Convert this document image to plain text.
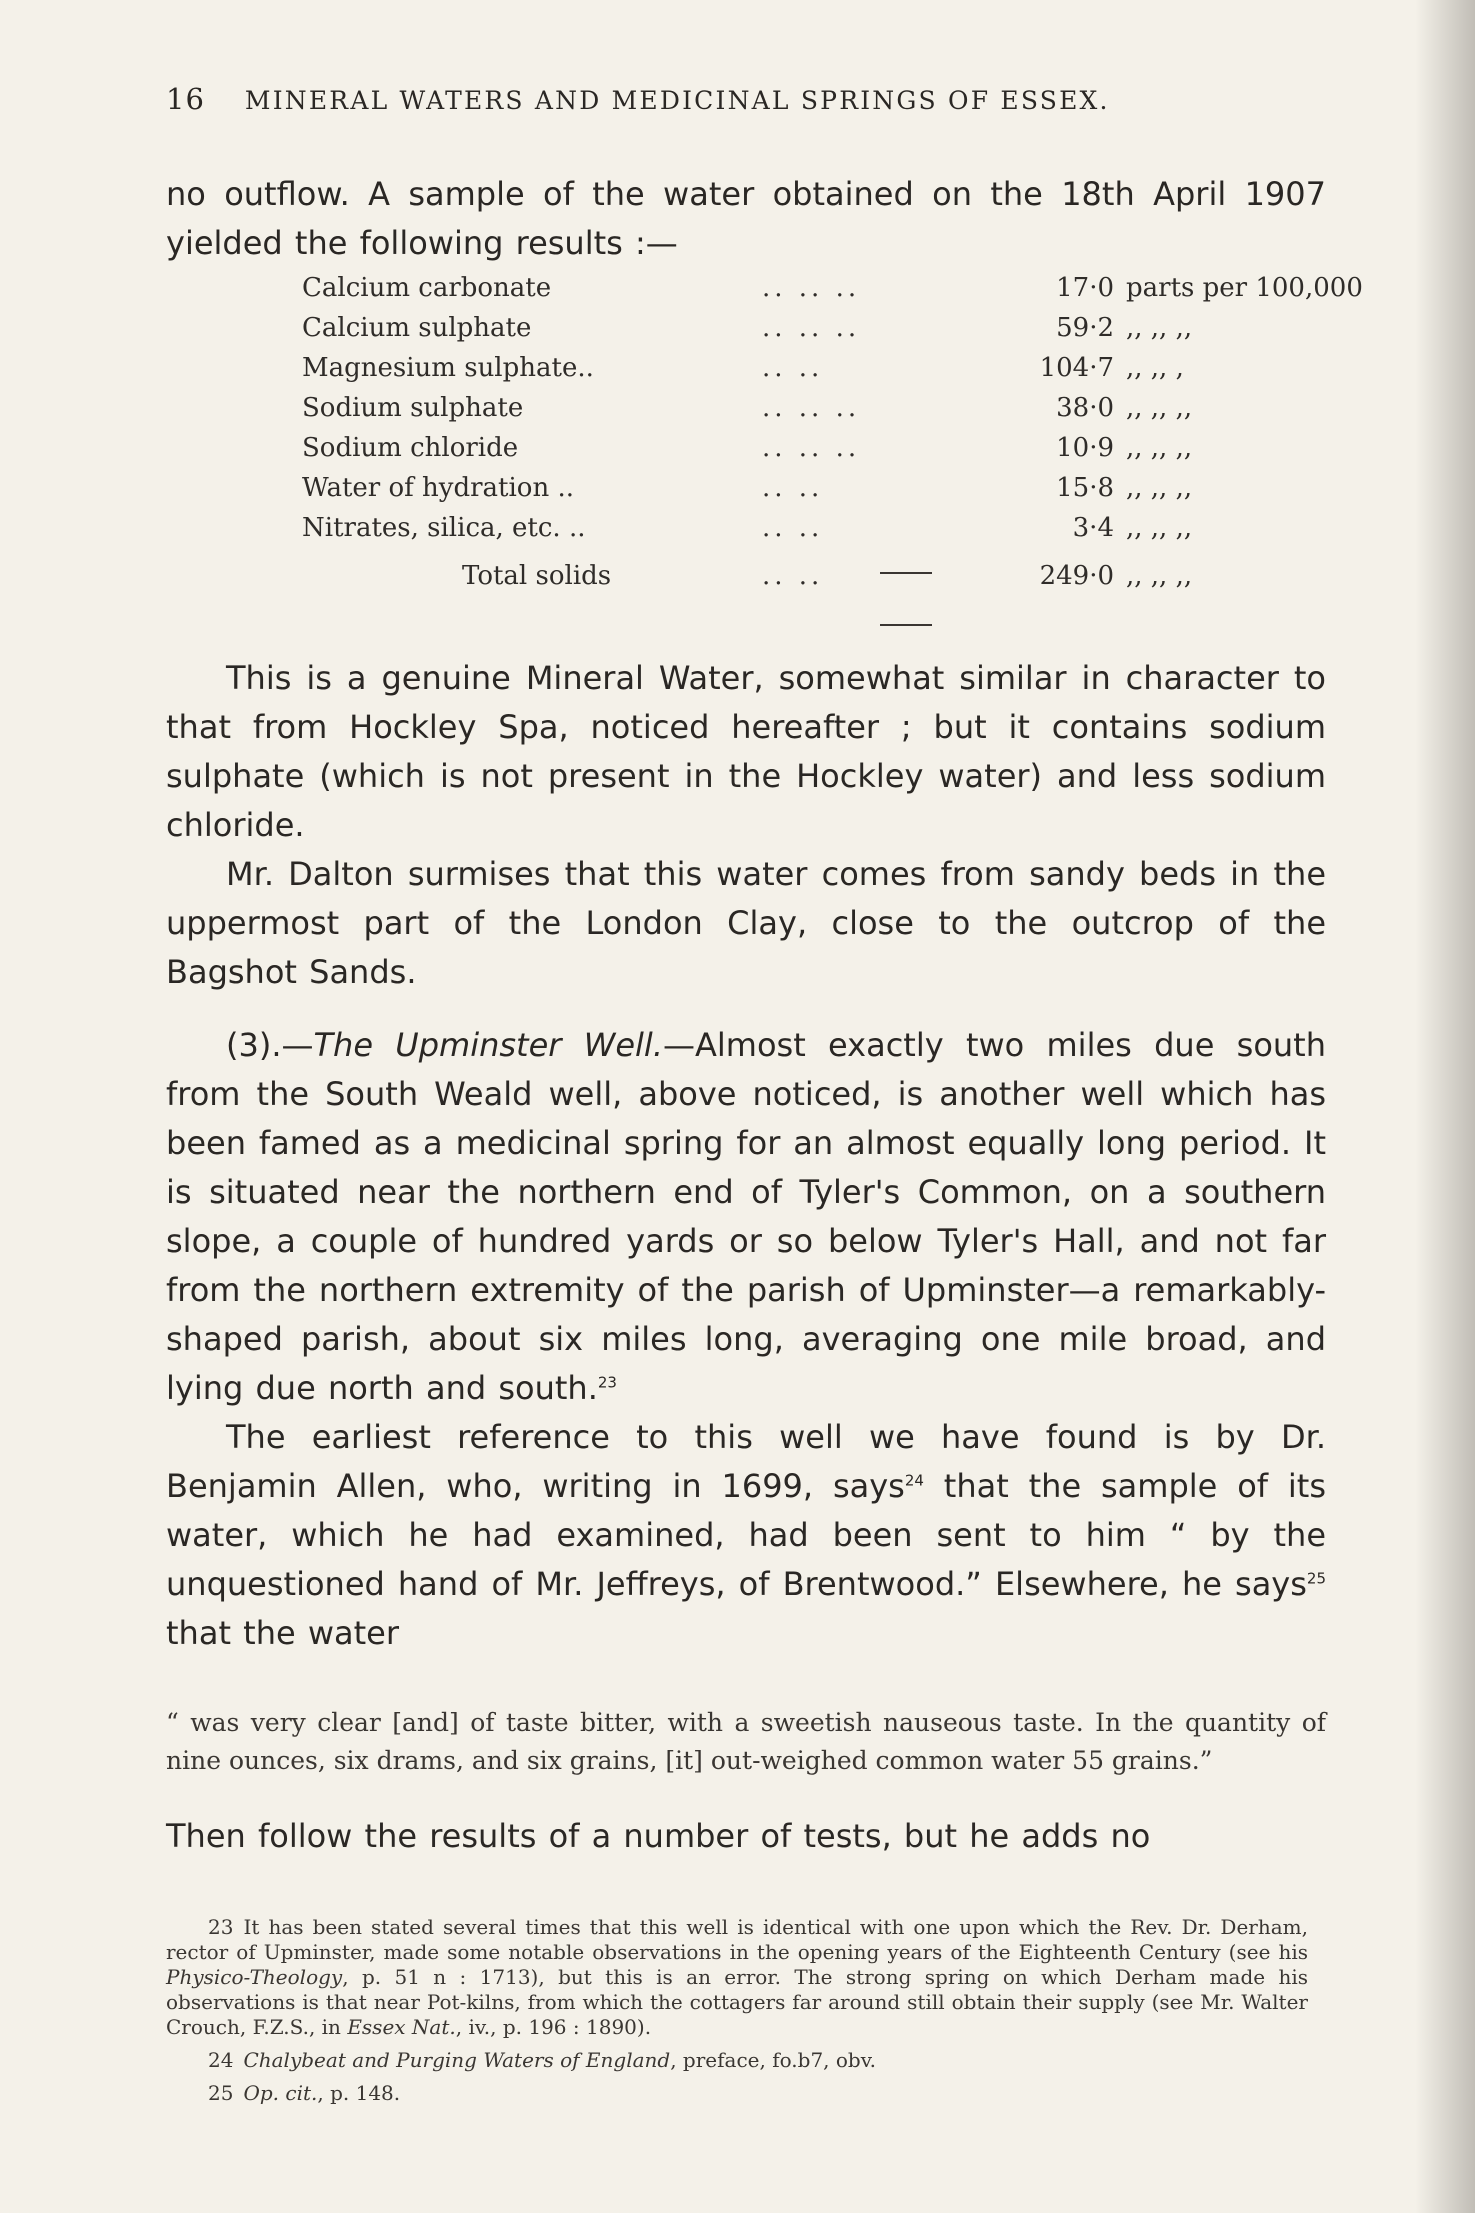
16 MINERAL WATERS AND MEDICINAL SPRINGS OF ESSEX.

no outflow. A sample of the water obtained on the 18th April 1907 yielded the following results :—

Calcium carbonate	.. .. ..	17·0	parts per 100,000
Calcium sulphate	.. .. ..	59·2	,, ,, ,,
Magnesium sulphate..	.. ..	104·7	,, ,, ,
Sodium sulphate	.. .. ..	38·0	,, ,, ,,
Sodium chloride	.. .. ..	10·9	,, ,, ,,
Water of hydration ..	.. ..	15·8	,, ,, ,,
Nitrates, silica, etc. ..	.. ..	3·4	,, ,, ,,
Total solids	.. ..	249·0	,, ,, ,,

This is a genuine Mineral Water, somewhat similar in character to that from Hockley Spa, noticed hereafter ; but it contains sodium sulphate (which is not present in the Hockley water) and less sodium chloride.

Mr. Dalton surmises that this water comes from sandy beds in the uppermost part of the London Clay, close to the outcrop of the Bagshot Sands.

(3).—The Upminster Well.—Almost exactly two miles due south from the South Weald well, above noticed, is another well which has been famed as a medicinal spring for an almost equally long period. It is situated near the northern end of Tyler's Common, on a southern slope, a couple of hundred yards or so below Tyler's Hall, and not far from the northern extremity of the parish of Upminster—a remarkably-shaped parish, about six miles long, averaging one mile broad, and lying due north and south.$^{23}$

The earliest reference to this well we have found is by Dr. Benjamin Allen, who, writing in 1699, says$^{24}$ that the sample of its water, which he had examined, had been sent to him “ by the unquestioned hand of Mr. Jeffreys, of Brentwood.” Elsewhere, he says$^{25}$ that the water

“ was very clear [and] of taste bitter, with a sweetish nauseous taste. In the quantity of nine ounces, six drams, and six grains, [it] out-weighed common water 55 grains.”

Then follow the results of a number of tests, but he adds no

23 It has been stated several times that this well is identical with one upon which the Rev. Dr. Derham, rector of Upminster, made some notable observations in the opening years of the Eighteenth Century (see his Physico-Theology, p. 51 n : 1713), but this is an error. The strong spring on which Derham made his observations is that near Pot-kilns, from which the cottagers far around still obtain their supply (see Mr. Walter Crouch, F.Z.S., in Essex Nat., iv., p. 196 : 1890).

24 Chalybeat and Purging Waters of England, preface, fo.b7, obv.

25 Op. cit., p. 148.
